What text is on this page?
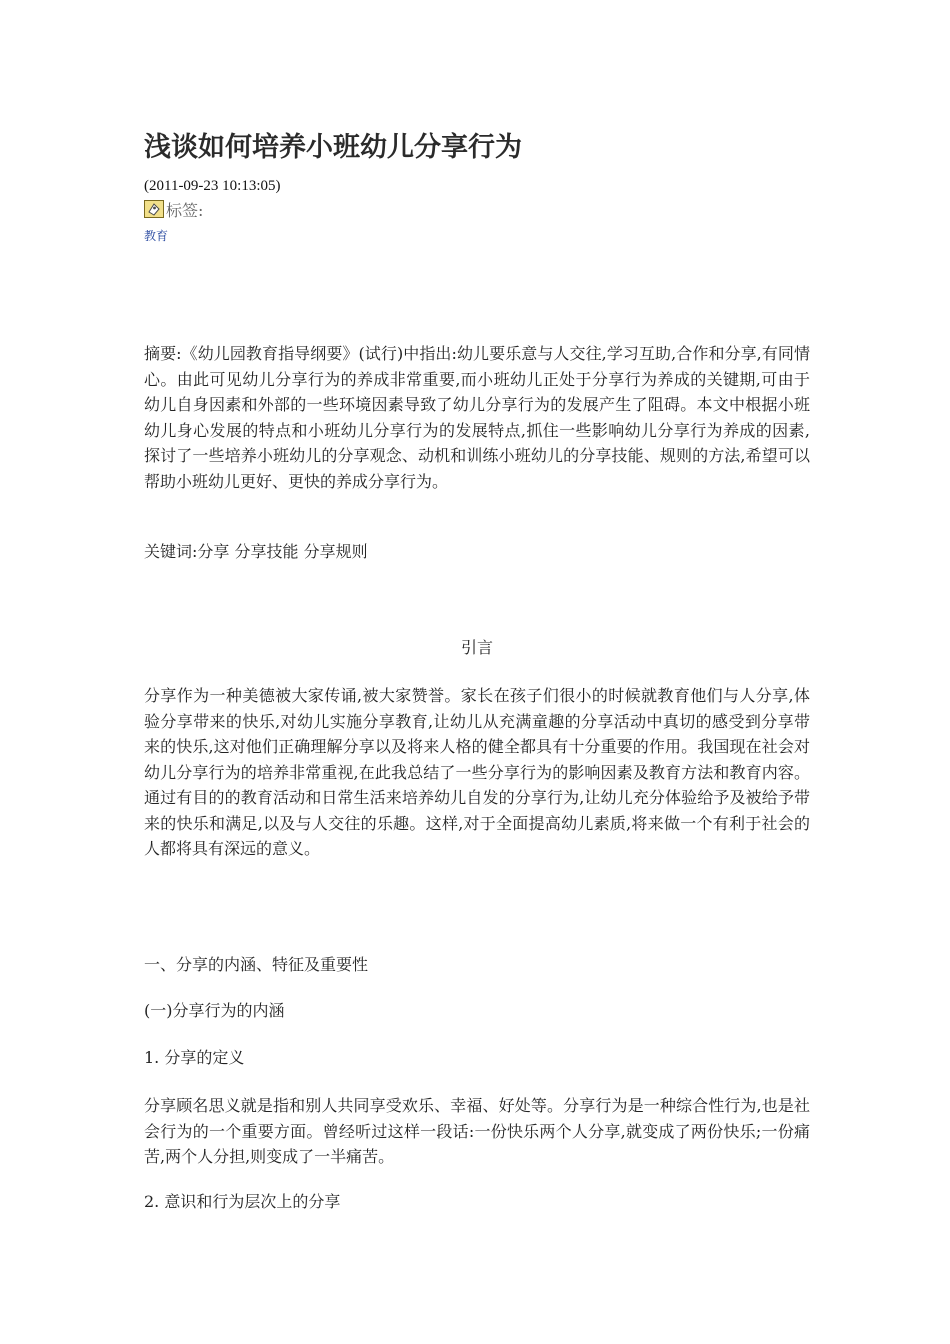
浅谈如何培养小班幼儿分享行为
(2011-09-23 10:13:05)
标签:
教育

摘要:《幼儿园教育指导纲要》(试行)中指出:幼儿要乐意与人交往,学习互助,合作和分享,有同情心。由此可见幼儿分享行为的养成非常重要,而小班幼儿正处于分享行为养成的关键期,可由于幼儿自身因素和外部的一些环境因素导致了幼儿分享行为的发展产生了阻碍。本文中根据小班幼儿身心发展的特点和小班幼儿分享行为的发展特点,抓住一些影响幼儿分享行为养成的因素,探讨了一些培养小班幼儿的分享观念、动机和训练小班幼儿的分享技能、规则的方法,希望可以帮助小班幼儿更好、更快的养成分享行为。

关键词:分享 分享技能 分享规则

引言

分享作为一种美德被大家传诵,被大家赞誉。家长在孩子们很小的时候就教育他们与人分享,体验分享带来的快乐,对幼儿实施分享教育,让幼儿从充满童趣的分享活动中真切的感受到分享带来的快乐,这对他们正确理解分享以及将来人格的健全都具有十分重要的作用。我国现在社会对幼儿分享行为的培养非常重视,在此我总结了一些分享行为的影响因素及教育方法和教育内容。通过有目的的教育活动和日常生活来培养幼儿自发的分享行为,让幼儿充分体验给予及被给予带来的快乐和满足,以及与人交往的乐趣。这样,对于全面提高幼儿素质,将来做一个有利于社会的人都将具有深远的意义。

一、分享的内涵、特征及重要性

(一)分享行为的内涵

1. 分享的定义

分享顾名思义就是指和别人共同享受欢乐、幸福、好处等。分享行为是一种综合性行为,也是社会行为的一个重要方面。曾经听过这样一段话:一份快乐两个人分享,就变成了两份快乐;一份痛苦,两个人分担,则变成了一半痛苦。

2. 意识和行为层次上的分享
